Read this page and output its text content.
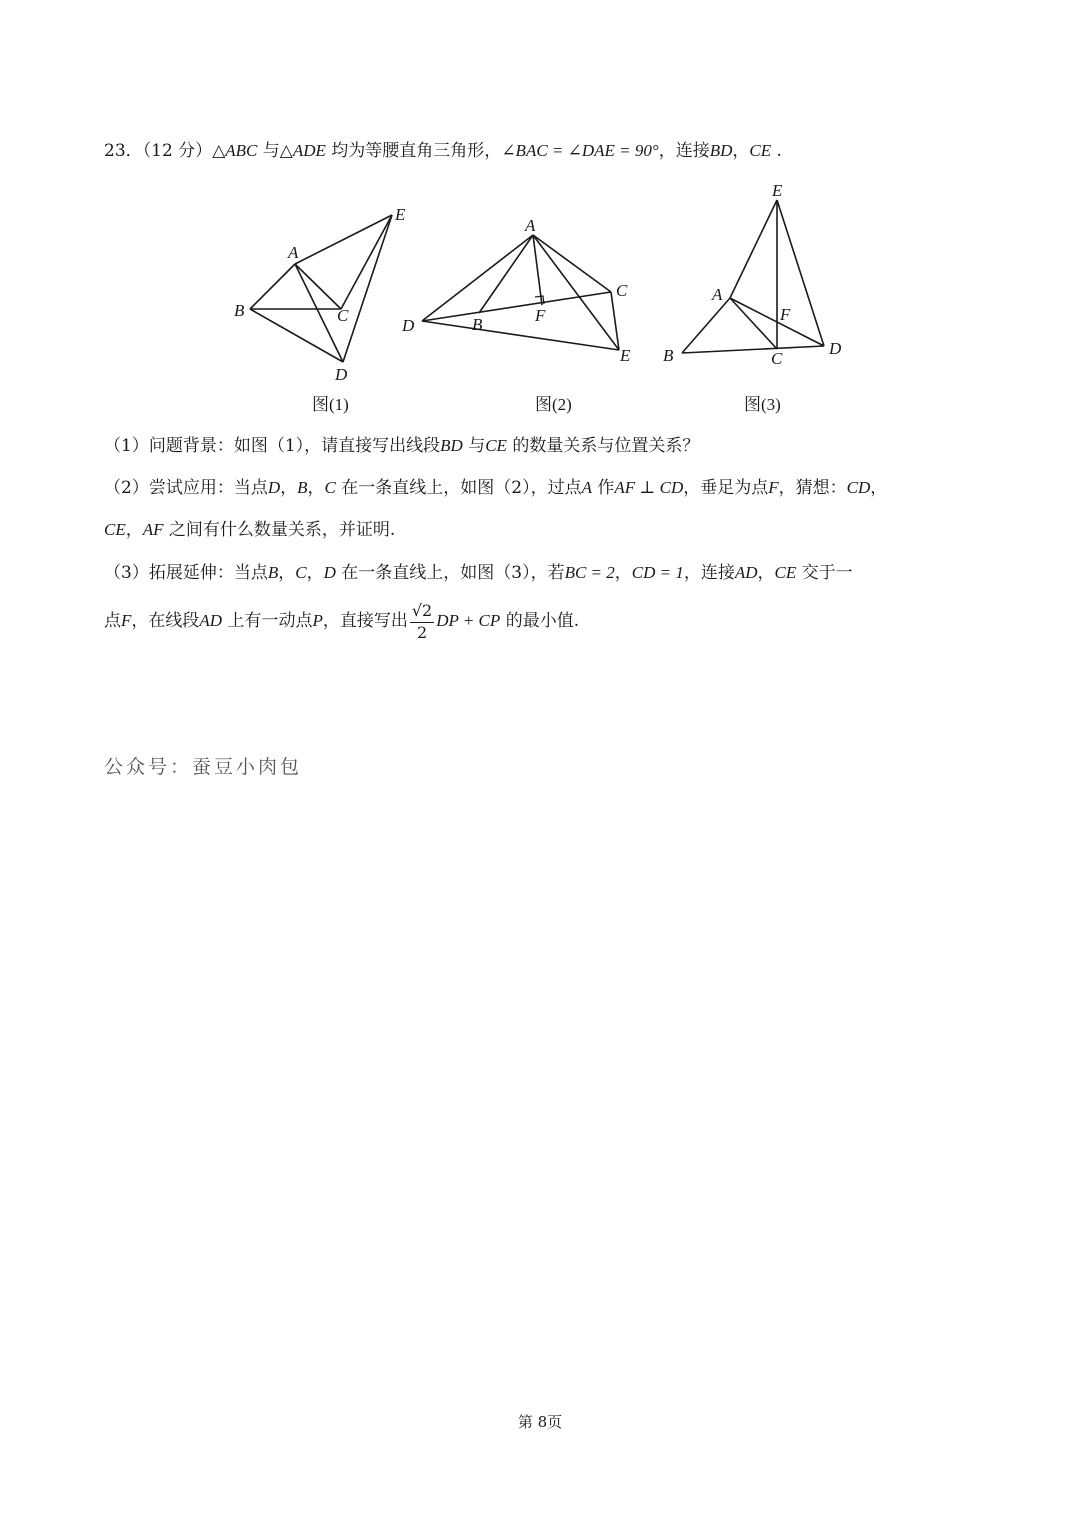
23．（12 分）△ABC 与△ADE 均为等腰直角三角形，∠BAC = ∠DAE = 90°，连接BD，CE .
A
B	C
D
E
A
B
C
D
E
F
A
B	C
D
E
F
图(1)	图(2)	图(3)
（1）问题背景：如图（1），请直接写出线段BD 与CE 的数量关系与位置关系？
（2）尝试应用：当点D，B，C 在一条直线上，如图（2），过点A 作AF ⊥ CD，垂足为点F，猜想：CD，
CE，AF 之间有什么数量关系，并证明.
（3）拓展延伸：当点B，C，D 在一条直线上，如图（3），若BC = 2，CD = 1，连接AD，CE 交于一
点F，在线段AD 上有一动点P，直接写出 $\frac{√2}{2}$ DP + CP 的最小值.
公众号：蚕豆小肉包
第 8页
